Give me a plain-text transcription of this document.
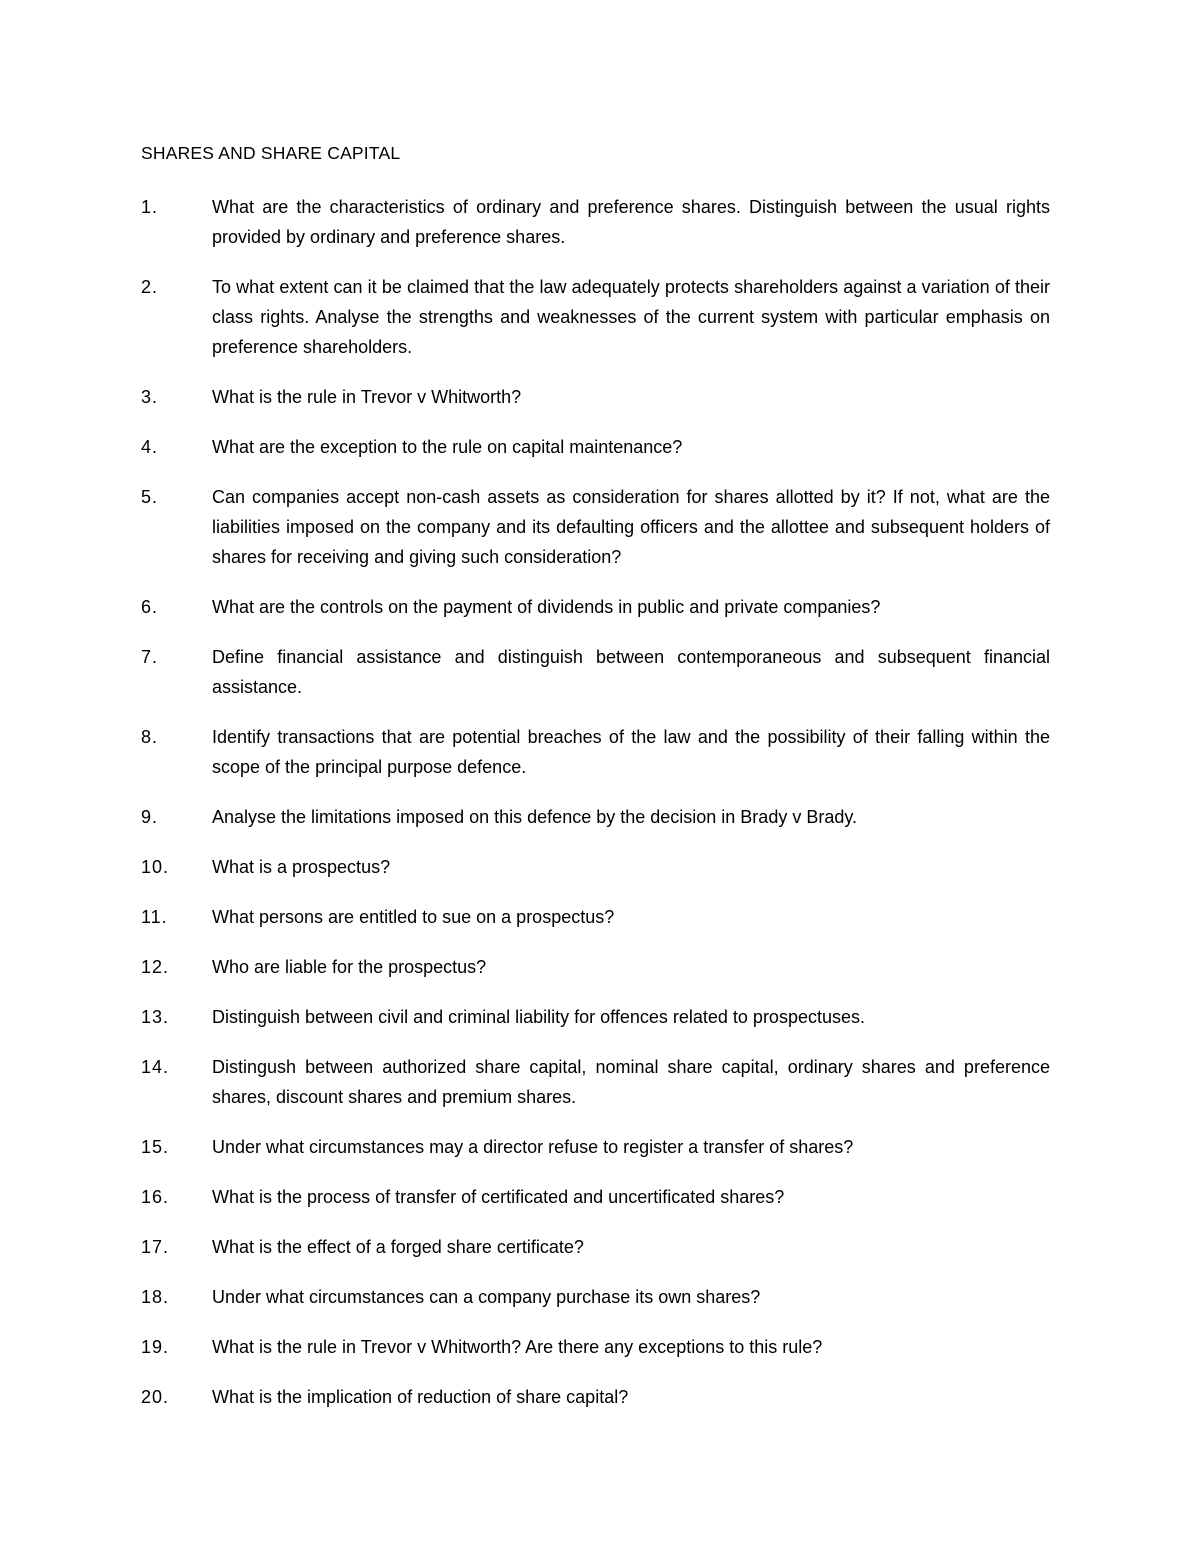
SHARES AND SHARE CAPITAL
1.	What are the characteristics of ordinary and preference shares. Distinguish between the usual rights provided by ordinary and preference shares.
2.	To what extent can it be claimed that the law adequately protects shareholders against a variation of their class rights. Analyse the strengths and weaknesses of the current system with particular emphasis on preference shareholders.
3.	What is the rule in Trevor v Whitworth?
4.	What are the exception to the rule on capital maintenance?
5.	Can companies accept non-cash assets as consideration for shares allotted by it? If not, what are the liabilities imposed on the company and its defaulting officers and the allottee and subsequent holders of shares for receiving and giving such consideration?
6.	What are the controls on the payment of dividends in public and private companies?
7.	Define financial assistance and distinguish between contemporaneous and subsequent financial assistance.
8.	Identify transactions that are potential breaches of the law and the possibility of their falling within the scope of the principal purpose defence.
9.	Analyse the limitations imposed on this defence by the decision in Brady v Brady.
10.	What is a prospectus?
11.	What persons are entitled to sue on a prospectus?
12.	Who are liable for the prospectus?
13.	Distinguish between civil and criminal liability for offences related to prospectuses.
14.	Distingush between authorized share capital, nominal share capital, ordinary shares and preference shares, discount shares and premium shares.
15.	Under what circumstances may a director refuse to register a transfer of shares?
16.	What is the process of transfer of certificated and uncertificated shares?
17.	What is the effect of a forged share certificate?
18.	Under what circumstances can a company purchase its own shares?
19.	What is the rule in Trevor v Whitworth? Are there any exceptions to this rule?
20.	What is the implication of reduction of share capital?
